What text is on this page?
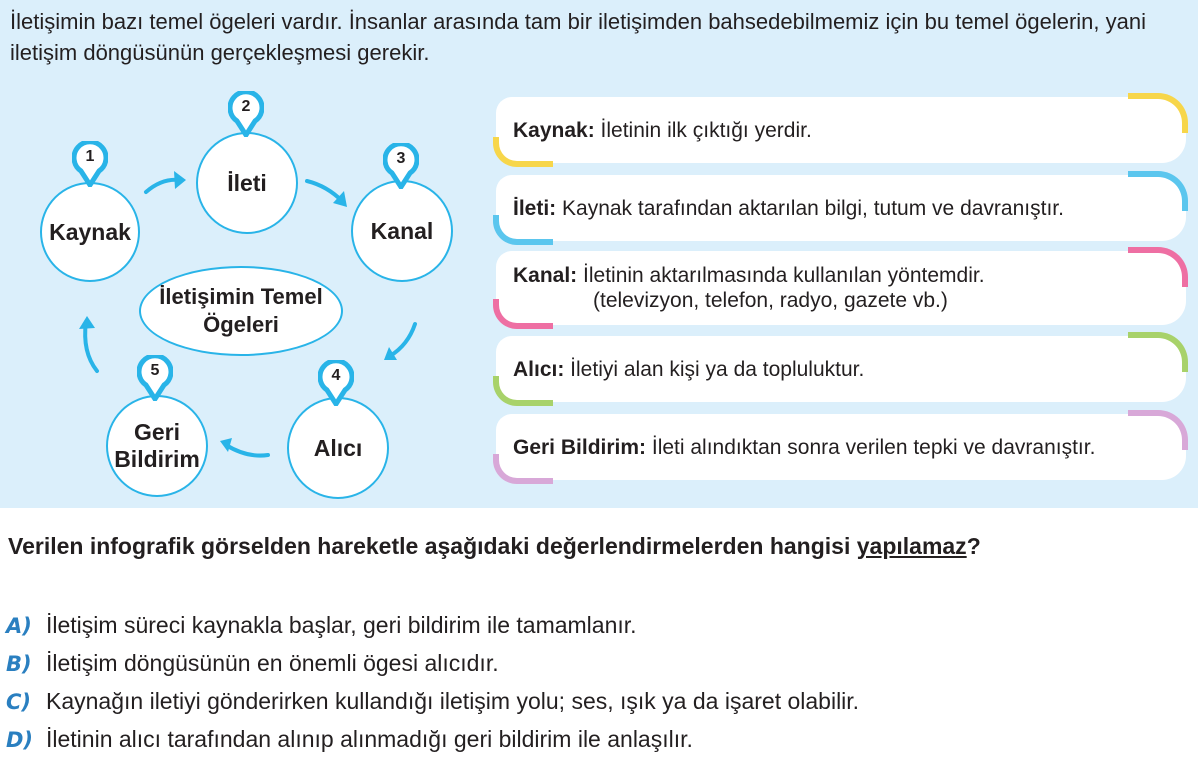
İletişimin bazı temel ögeleri vardır. İnsanlar arasında tam bir iletişimden bahsedebilmemiz için bu temel ögelerin, yani iletişim döngüsünün gerçekleşmesi gerekir.

Kaynak
1
İleti
2
Kanal
3
Alıcı
4
Geri
Bildirim
5
İletişimin Temel
Ögeleri
Kaynak: İletinin ilk çıktığı yerdir.
İleti: Kaynak tarafından aktarılan bilgi, tutum ve davranıştır.
Kanal: İletinin aktarılmasında kullanılan yöntemdir.
(televizyon, telefon, radyo, gazete vb.)
Alıcı: İletiyi alan kişi ya da topluluktur.
Geri Bildirim: İleti alındıktan sonra verilen tepki ve davranıştır.
Verilen infografik görselden hareketle aşağıdaki değerlendirmelerden hangisi yapılamaz?
A) İletişim süreci kaynakla başlar, geri bildirim ile tamamlanır.
B) İletişim döngüsünün en önemli ögesi alıcıdır.
C) Kaynağın iletiyi gönderirken kullandığı iletişim yolu; ses, ışık ya da işaret olabilir.
D) İletinin alıcı tarafından alınıp alınmadığı geri bildirim ile anlaşılır.
